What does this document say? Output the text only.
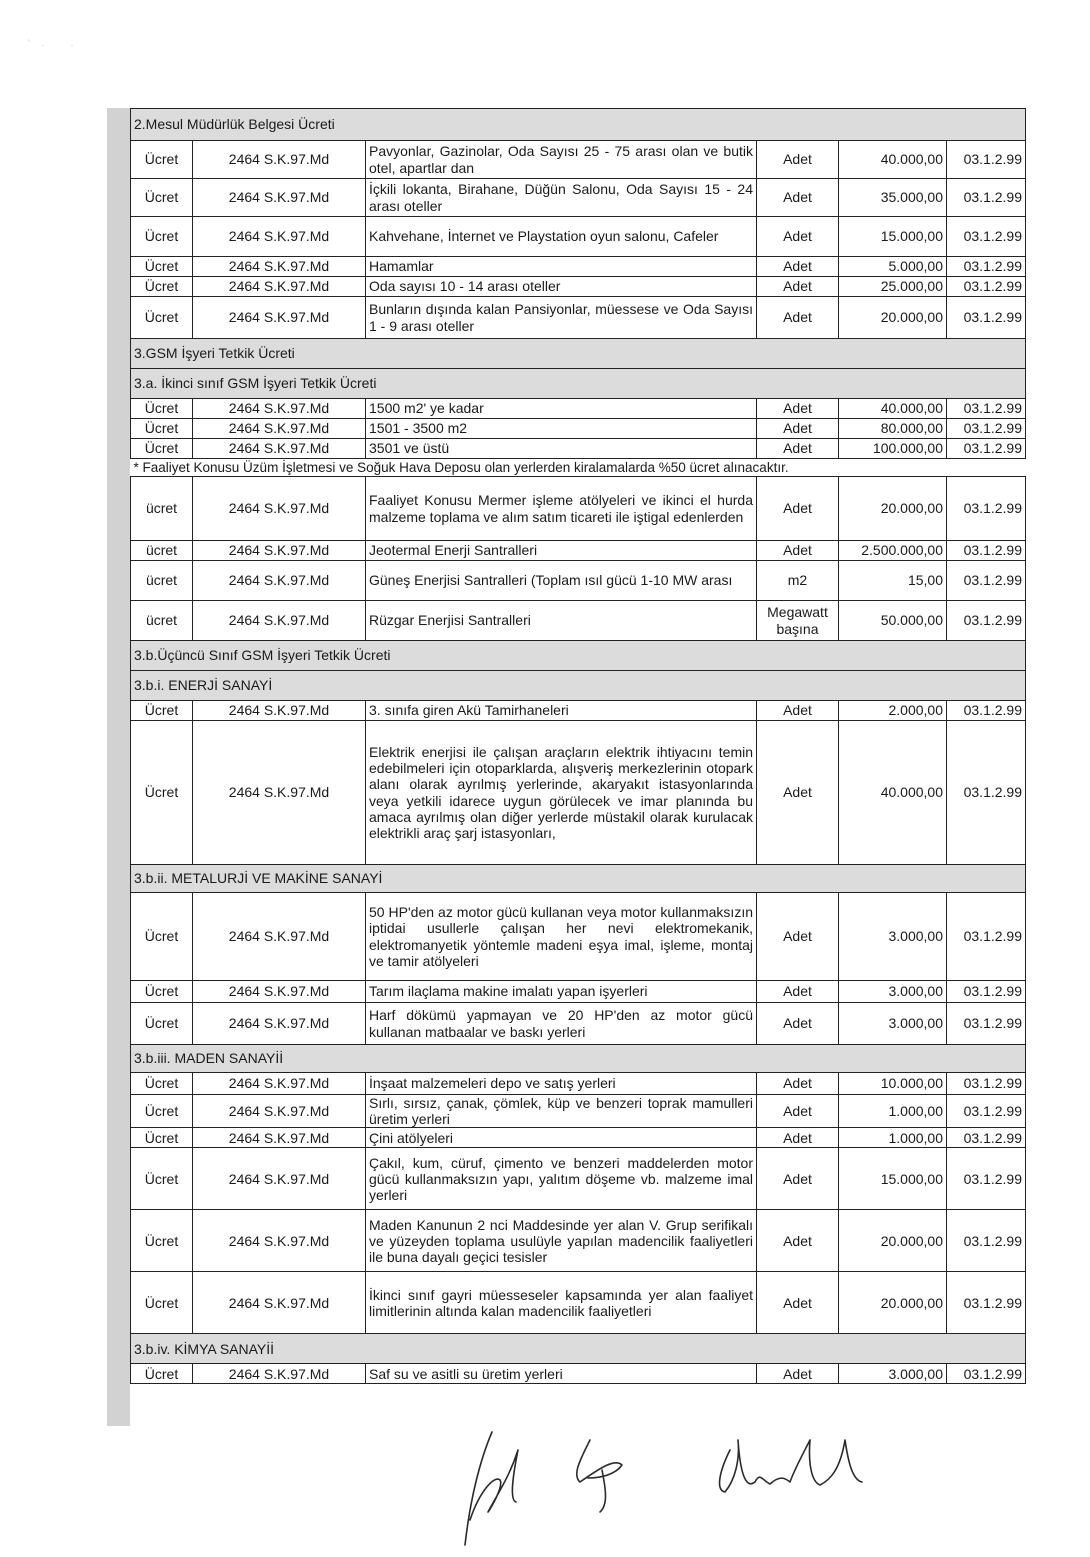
'. .
2.Mesul Müdürlük Belgesi Ücreti					
Ücret	2464 S.K.97.Md	Pavyonlar, Gazinolar, Oda Sayısı 25 - 75 arası olan ve butik otel, apartlar dan	Adet	40.000,00	03.1.2.99
Ücret	2464 S.K.97.Md	İçkili lokanta, Birahane, Düğün Salonu, Oda Sayısı 15 - 24 arası oteller	Adet	35.000,00	03.1.2.99
Ücret	2464 S.K.97.Md	Kahvehane, İnternet ve Playstation oyun salonu, Cafeler	Adet	15.000,00	03.1.2.99
Ücret	2464 S.K.97.Md	Hamamlar	Adet	5.000,00	03.1.2.99
Ücret	2464 S.K.97.Md	Oda sayısı 10 - 14 arası oteller	Adet	25.000,00	03.1.2.99
Ücret	2464 S.K.97.Md	Bunların dışında kalan Pansiyonlar, müessese ve Oda Sayısı 1 - 9 arası oteller	Adet	20.000,00	03.1.2.99
3.GSM İşyeri Tetkik Ücreti					
3.a. İkinci sınıf GSM İşyeri Tetkik Ücreti					
Ücret	2464 S.K.97.Md	1500 m2' ye kadar	Adet	40.000,00	03.1.2.99
Ücret	2464 S.K.97.Md	1501 - 3500 m2	Adet	80.000,00	03.1.2.99
Ücret	2464 S.K.97.Md	3501 ve üstü	Adet	100.000,00	03.1.2.99
* Faaliyet Konusu Üzüm İşletmesi ve Soğuk Hava Deposu olan yerlerden kiralamalarda %50 ücret alınacaktır.					
ücret	2464 S.K.97.Md	Faaliyet Konusu Mermer işleme atölyeleri ve ikinci el hurda malzeme toplama ve alım satım ticareti ile iştigal edenlerden	Adet	20.000,00	03.1.2.99
ücret	2464 S.K.97.Md	Jeotermal Enerji Santralleri	Adet	2.500.000,00	03.1.2.99
ücret	2464 S.K.97.Md	Güneş Enerjisi Santralleri (Toplam ısıl gücü 1-10 MW arası	m2	15,00	03.1.2.99
ücret	2464 S.K.97.Md	Rüzgar Enerjisi Santralleri	Megawatt başına	50.000,00	03.1.2.99
3.b.Üçüncü Sınıf GSM İşyeri Tetkik Ücreti					
3.b.i. ENERJİ SANAYİ					
Ücret	2464 S.K.97.Md	3. sınıfa giren Akü Tamirhaneleri	Adet	2.000,00	03.1.2.99
Ücret	2464 S.K.97.Md	Elektrik enerjisi ile çalışan araçların elektrik ihtiyacını temin edebilmeleri için otoparklarda, alışveriş merkezlerinin otopark alanı olarak ayrılmış yerlerinde, akaryakıt istasyonlarında veya yetkili idarece uygun görülecek ve imar planında bu amaca ayrılmış olan diğer yerlerde müstakil olarak kurulacak elektrikli araç şarj istasyonları,	Adet	40.000,00	03.1.2.99
3.b.ii. METALURJİ VE MAKİNE SANAYİ					
Ücret	2464 S.K.97.Md	50 HP'den az motor gücü kullanan veya motor kullanmaksızın iptidai usullerle çalışan her nevi elektromekanik, elektromanyetik yöntemle madeni eşya imal, işleme, montaj ve tamir atölyeleri	Adet	3.000,00	03.1.2.99
Ücret	2464 S.K.97.Md	Tarım ilaçlama makine imalatı yapan işyerleri	Adet	3.000,00	03.1.2.99
Ücret	2464 S.K.97.Md	Harf dökümü yapmayan ve 20 HP'den az motor gücü kullanan matbaalar ve baskı yerleri	Adet	3.000,00	03.1.2.99
3.b.iii. MADEN SANAYİİ					
Ücret	2464 S.K.97.Md	İnşaat malzemeleri depo ve satış yerleri	Adet	10.000,00	03.1.2.99
Ücret	2464 S.K.97.Md	Sırlı, sırsız, çanak, çömlek, küp ve benzeri toprak mamulleri üretim yerleri	Adet	1.000,00	03.1.2.99
Ücret	2464 S.K.97.Md	Çini atölyeleri	Adet	1.000,00	03.1.2.99
Ücret	2464 S.K.97.Md	Çakıl, kum, cüruf, çimento ve benzeri maddelerden motor gücü kullanmaksızın yapı, yalıtım döşeme vb. malzeme imal yerleri	Adet	15.000,00	03.1.2.99
Ücret	2464 S.K.97.Md	Maden Kanunun 2 nci Maddesinde yer alan V. Grup serifikalı ve yüzeyden toplama usulüyle yapılan madencilik faaliyetleri ile buna dayalı geçici tesisler	Adet	20.000,00	03.1.2.99
Ücret	2464 S.K.97.Md	İkinci sınıf gayri müesseseler kapsamında yer alan faaliyet limitlerinin altında kalan madencilik faaliyetleri	Adet	20.000,00	03.1.2.99
3.b.iv. KİMYA SANAYİİ					
Ücret	2464 S.K.97.Md	Saf su ve asitli su üretim yerleri	Adet	3.000,00	03.1.2.99
